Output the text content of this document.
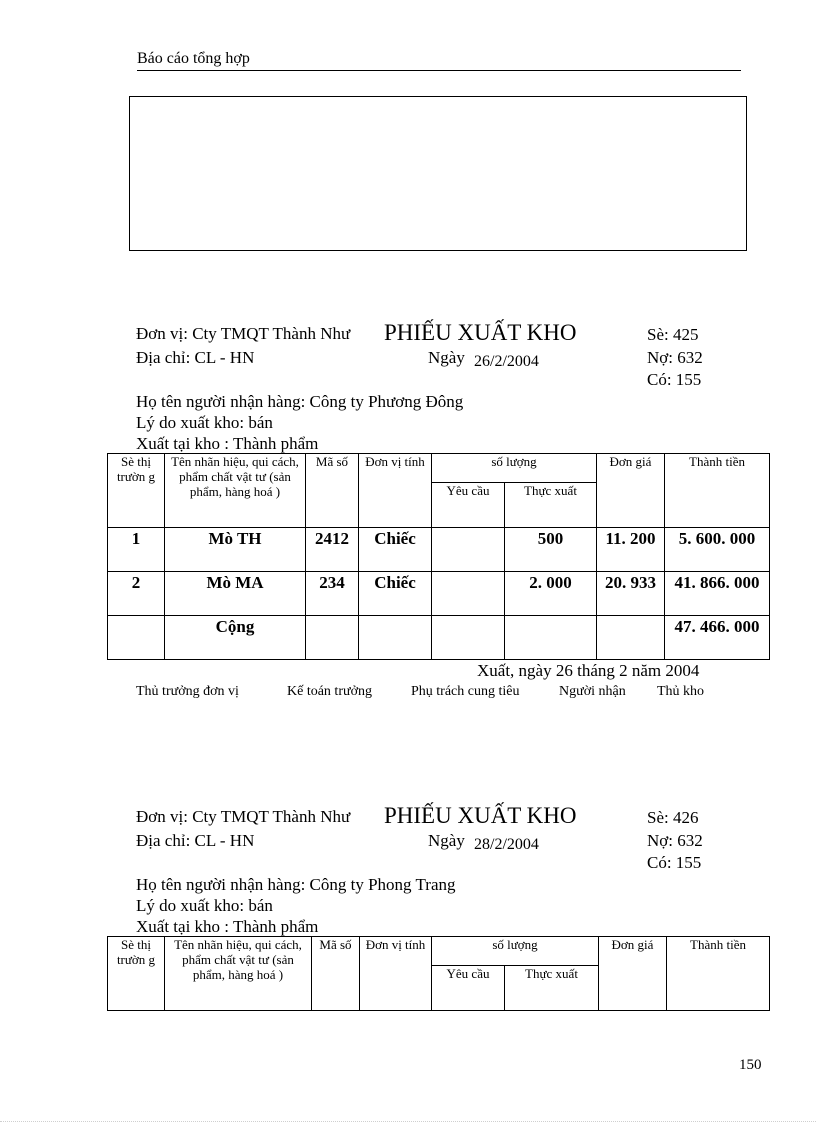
Báo cáo tổng hợp
Đơn vị: Cty TMQT Thành Như PHIẾU XUẤT KHO	Sè: 425
Địa chỉ: CL - HN	Ngày 26/2/2004	Nợ: 632
Có: 155
Họ tên người nhận hàng: Công ty Phương Đông
Lý do xuất kho: bán
Xuất tại kho : Thành phẩm
Sè thị trườn g	Tên nhãn hiệu, qui cách, phẩm chất vật tư (sản phẩm, hàng hoá )	Mã số	Đơn vị tính	số lượng		Đơn giá	Thành tiền
				Yêu cầu	Thực xuất		
1	Mò TH	2412	Chiếc		500	11. 200	5. 600. 000
2	Mò MA	234	Chiếc		2. 000	20. 933	41. 866. 000
	Cộng						47. 466. 000
Xuất, ngày 26 tháng 2 năm 2004
Thủ trưởng đơn vị	Kế toán trưởng	Phụ trách cung tiêu	Người nhận Thủ kho
Đơn vị: Cty TMQT Thành Như PHIẾU XUẤT KHO	Sè: 426
Địa chỉ: CL - HN	Ngày 28/2/2004	Nợ: 632
Có: 155
Họ tên người nhận hàng: Công ty Phong Trang
Lý do xuất kho: bán
Xuất tại kho : Thành phẩm
Sè thị trườn g	Tên nhãn hiệu, qui cách, phẩm chất vật tư (sản phẩm, hàng hoá )	Mã số	Đơn vị tính	số lượng		Đơn giá	Thành tiền
				Yêu cầu	Thực xuất		
150
